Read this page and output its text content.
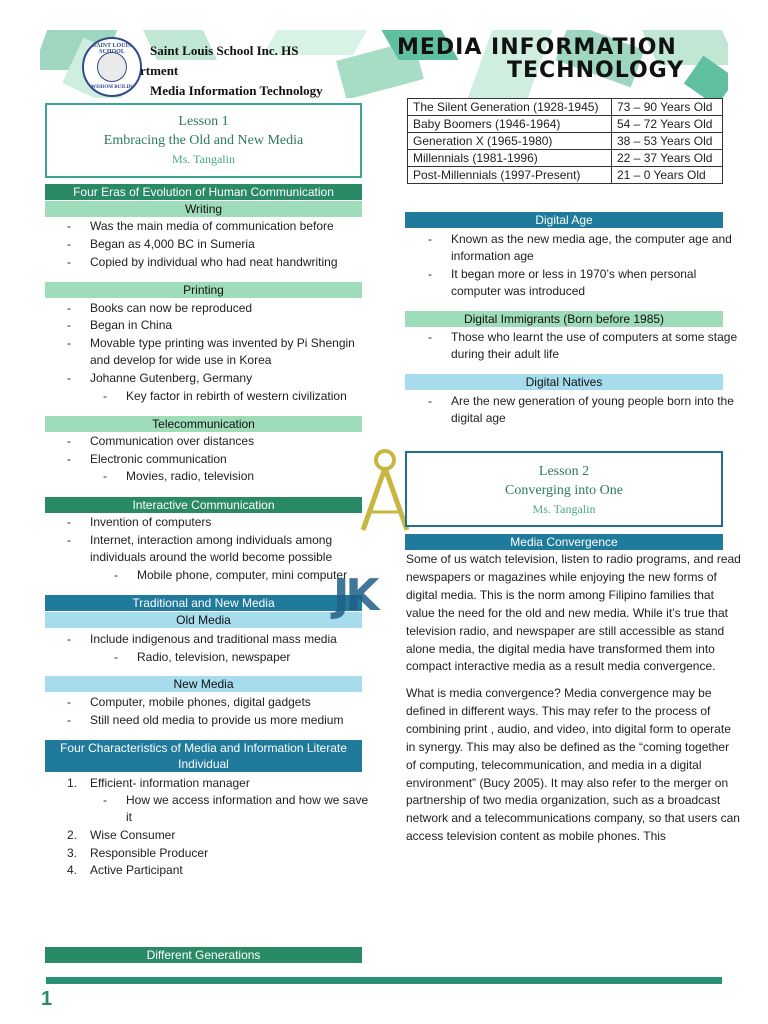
SAINT LOUIS SCHOOL
WISDOM BUILDS
Saint Louis School Inc. HS
rtment
Media Information Technology
MEDIA INFORMATION
TECHNOLOGY
Lesson 1
Embracing the Old and New Media
Ms. Tangalin
Four Eras of Evolution of Human Communication
Writing
- Was the main media of communication before
- Began as 4,000 BC in Sumeria
- Copied by individual who had neat handwriting
Printing
- Books can now be reproduced
- Began in China
- Movable type printing was invented by Pi Shengin
and develop for wide use in Korea
- Johanne Gutenberg, Germany
- Key factor in rebirth of western civilization
Telecommunication
- Communication over distances
- Electronic communication
- Movies, radio, television
Interactive Communication
- Invention of computers
- Internet, interaction among individuals among
individuals around the world become possible
- Mobile phone, computer, mini computer
Traditional and New Media
Old Media
- Include indigenous and traditional mass media
- Radio, television, newspaper
New Media
- Computer, mobile phones, digital gadgets
- Still need old media to provide us more medium
Four Characteristics of Media and Information Literate
Individual
1. Efficient- information manager
- How we access information and how we save
it
2. Wise Consumer
3. Responsible Producer
4. Active Participant
Different Generations
The Silent Generation (1928-1945)	73 – 90 Years Old
Baby Boomers (1946-1964)	54 – 72 Years Old
Generation X (1965-1980)	38 – 53 Years Old
Millennials (1981-1996)	22 – 37 Years Old
Post-Millennials (1997-Present)	21 – 0 Years Old
Digital Age
- Known as the new media age, the computer age and
information age
- It began more or less in 1970’s when personal
computer was introduced
Digital Immigrants (Born before 1985)
- Those who learnt the use of computers at some stage
during their adult life
Digital Natives
- Are the new generation of young people born into the
digital age
JK
Lesson 2
Converging into One
Ms. Tangalin
Media Convergence
Some of us watch television, listen to radio programs, and read
newspapers or magazines while enjoying the new forms of
digital media. This is the norm among Filipino families that
value the need for the old and new media. While it’s true that
television radio, and newspaper are still accessible as stand
alone media, the digital media have transformed them into
compact interactive media as a result media convergence.
What is media convergence? Media convergence may be
defined in different ways. This may refer to the process of
combining print , audio, and video, into digital form to operate
in synergy. This may also be defined as the “coming together
of computing, telecommunication, and media in a digital
environment” (Bucy 2005). It may also refer to the merger on
partnership of two media organization, such as a broadcast
network and a telecommunications company, so that users can
access television content as mobile phones. This
1
